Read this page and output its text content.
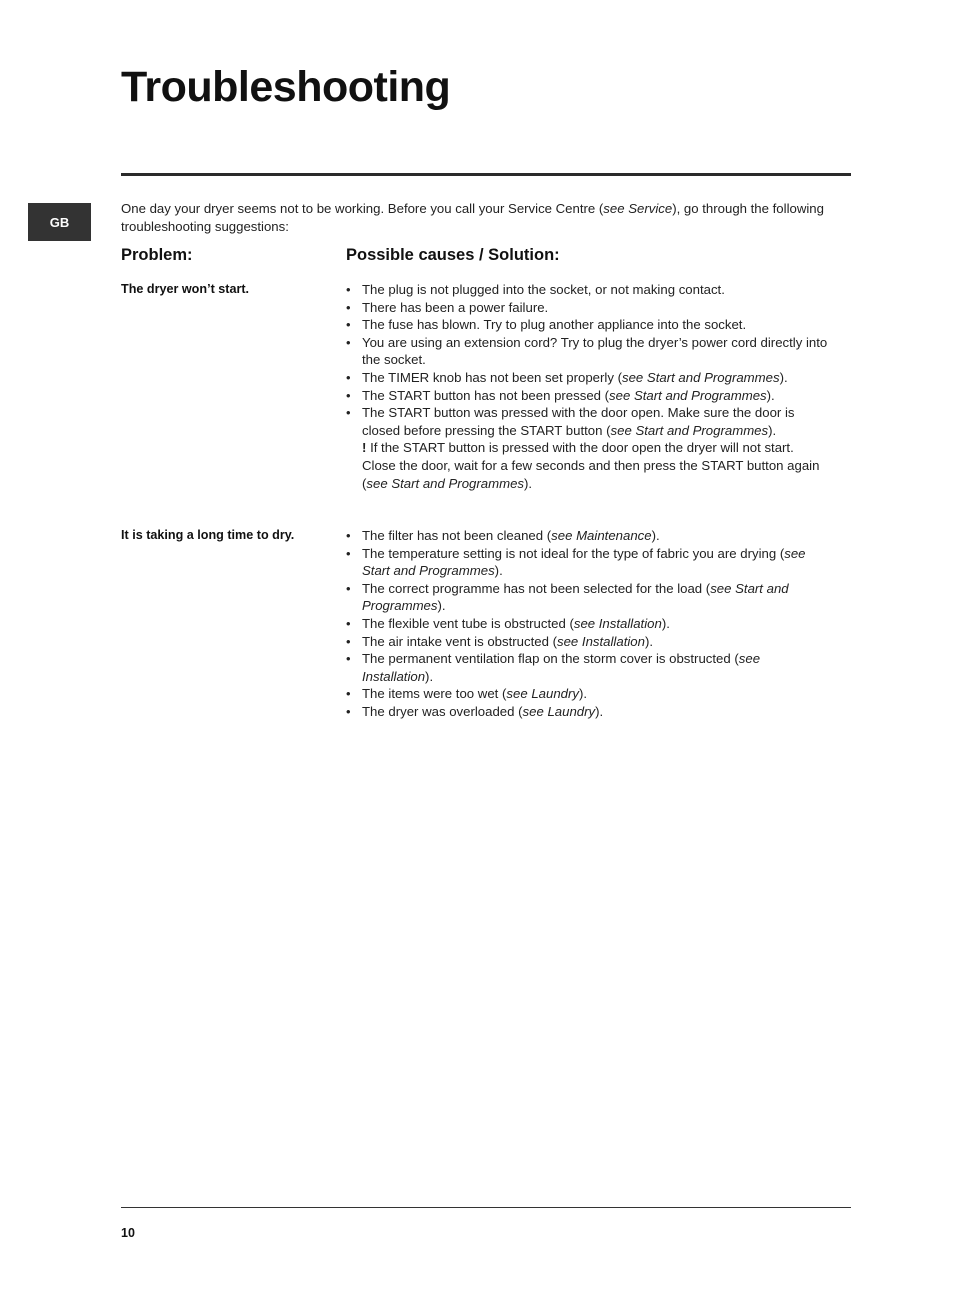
Troubleshooting
GB
One day your dryer seems not to be working. Before you call your Service Centre (see Service), go through the following troubleshooting suggestions:
Problem:	Possible causes / Solution:
The dryer won’t start.	• The plug is not plugged into the socket, or not making contact.
• There has been a power failure.
• The fuse has blown. Try to plug another appliance into the socket.
• You are using an extension cord? Try to plug the dryer’s power cord directly into the socket.
• The TIMER knob has not been set properly (see Start and Programmes).
• The START button has not been pressed (see Start and Programmes).
• The START button was pressed with the door open. Make sure the door is closed before pressing the START button (see Start and Programmes).
! If the START button is pressed with the door open the dryer will not start. Close the door, wait for a few seconds and then press the START button again (see Start and Programmes).
It is taking a long time to dry.	• The filter has not been cleaned (see Maintenance).
• The temperature setting is not ideal for the type of fabric you are drying (see Start and Programmes).
• The correct programme has not been selected for the load (see Start and Programmes).
• The flexible vent tube is obstructed (see Installation).
• The air intake vent is obstructed (see Installation).
• The permanent ventilation flap on the storm cover is obstructed (see Installation).
• The items were too wet (see Laundry).
• The dryer was overloaded (see Laundry).
10
